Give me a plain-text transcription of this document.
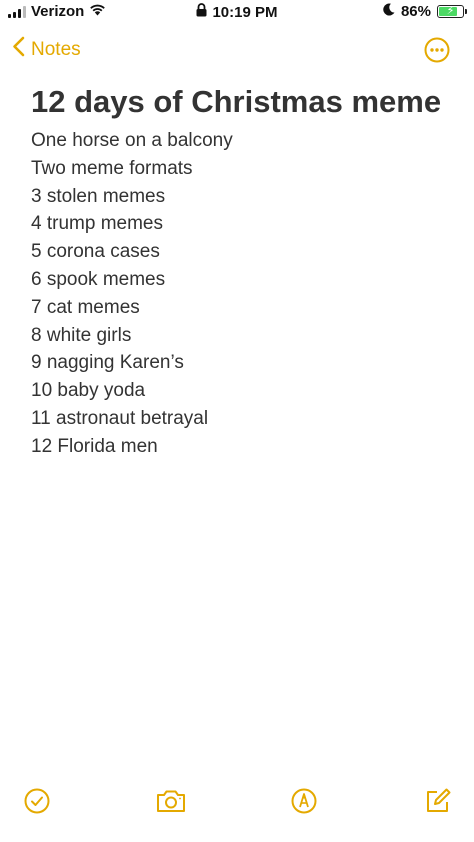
Verizon	10:19 PM	86%	⚡
Notes
12 days of Christmas meme
One horse on a balcony
Two meme formats
3 stolen memes
4 trump memes
5 corona cases
6 spook memes
7 cat memes
8 white girls
9 nagging Karen’s
10 baby yoda
11 astronaut betrayal
12 Florida men
